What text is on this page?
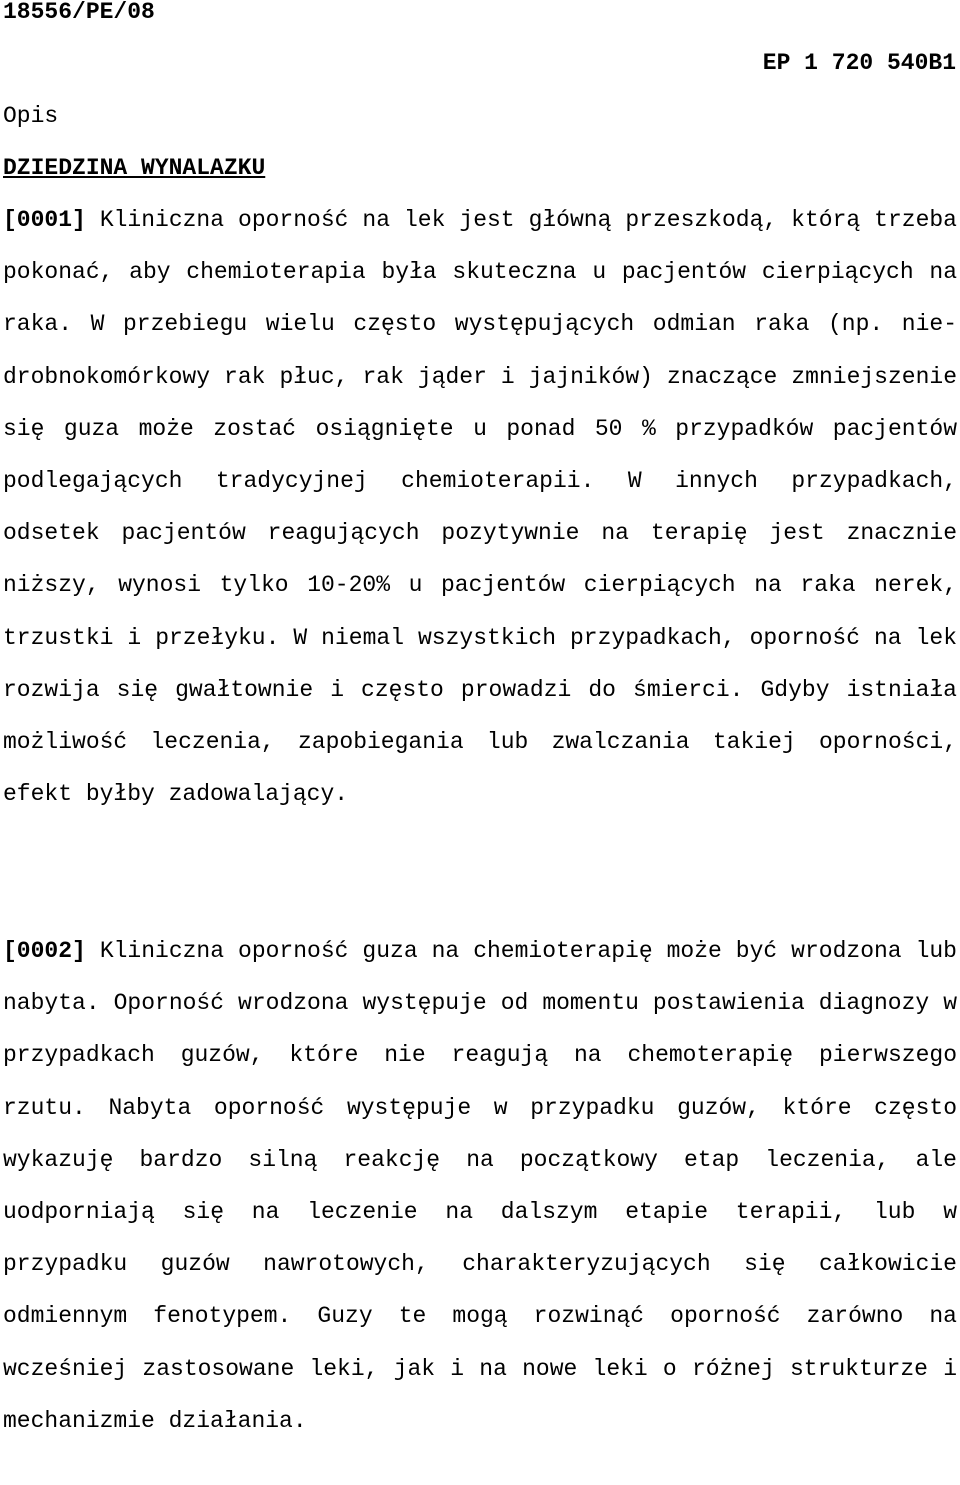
18556/PE/08
EP 1 720 540B1
Opis
DZIEDZINA WYNALAZKU

[0001] Kliniczna oporność na lek jest główną przeszkodą, którą trzeba pokonać, aby chemioterapia była skuteczna u pacjentów cierpiących na raka. W przebiegu wielu często występujących odmian raka (np. nie-drobnokomórkowy rak płuc, rak jąder i jajników) znaczące zmniejszenie się guza może zostać osiągnięte u ponad 50 % przypadków pacjentów podlegających tradycyjnej chemioterapii. W innych przypadkach, odsetek pacjentów reagujących pozytywnie na terapię jest znacznie niższy, wynosi tylko 10-20% u pacjentów cierpiących na raka nerek, trzustki i przełyku. W niemal wszystkich przypadkach, oporność na lek rozwija się gwałtownie i często prowadzi do śmierci. Gdyby istniała możliwość leczenia, zapobiegania lub zwalczania takiej oporności, efekt byłby zadowalający.

[0002] Kliniczna oporność guza na chemioterapię może być wrodzona lub nabyta. Oporność wrodzona występuje od momentu postawienia diagnozy w przypadkach guzów, które nie reagują na chemoterapię pierwszego rzutu. Nabyta oporność występuje w przypadku guzów, które często wykazuję bardzo silną reakcję na początkowy etap leczenia, ale uodporniają się na leczenie na dalszym etapie terapii, lub w przypadku guzów nawrotowych, charakteryzujących się całkowicie odmiennym fenotypem. Guzy te mogą rozwinąć oporność zarówno na wcześniej zastosowane leki, jak i na nowe leki o różnej strukturze i mechanizmie działania.
